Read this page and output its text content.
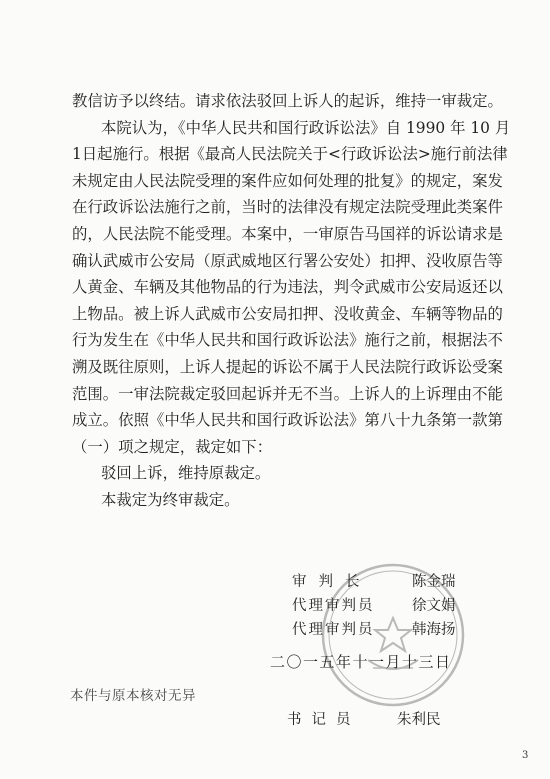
教信访予以终结。请求依法驳回上诉人的起诉，维持一审裁定。
本院认为，《中华人民共和国行政诉讼法》自 1990 年 10 月
1日起施行。根据《最高人民法院关于<行政诉讼法>施行前法律
未规定由人民法院受理的案件应如何处理的批复》的规定，案发
在行政诉讼法施行之前，当时的法律没有规定法院受理此类案件
的，人民法院不能受理。本案中，一审原告马国祥的诉讼请求是
确认武威市公安局（原武威地区行署公安处）扣押、没收原告等
人黄金、车辆及其他物品的行为违法，判令武威市公安局返还以
上物品。被上诉人武威市公安局扣押、没收黄金、车辆等物品的
行为发生在《中华人民共和国行政诉讼法》施行之前，根据法不
溯及既往原则，上诉人提起的诉讼不属于人民法院行政诉讼受案
范围。一审法院裁定驳回起诉并无不当。上诉人的上诉理由不能
成立。依照《中华人民共和国行政诉讼法》第八十九条第一款第
（一）项之规定，裁定如下：
驳回上诉，维持原裁定。
本裁定为终审裁定。
审判长	陈金瑞
代理审判员	徐文娟
代理审判员	韩海扬
二〇一五年十一月十三日
本件与原本核对无异
书记员	朱利民
3
